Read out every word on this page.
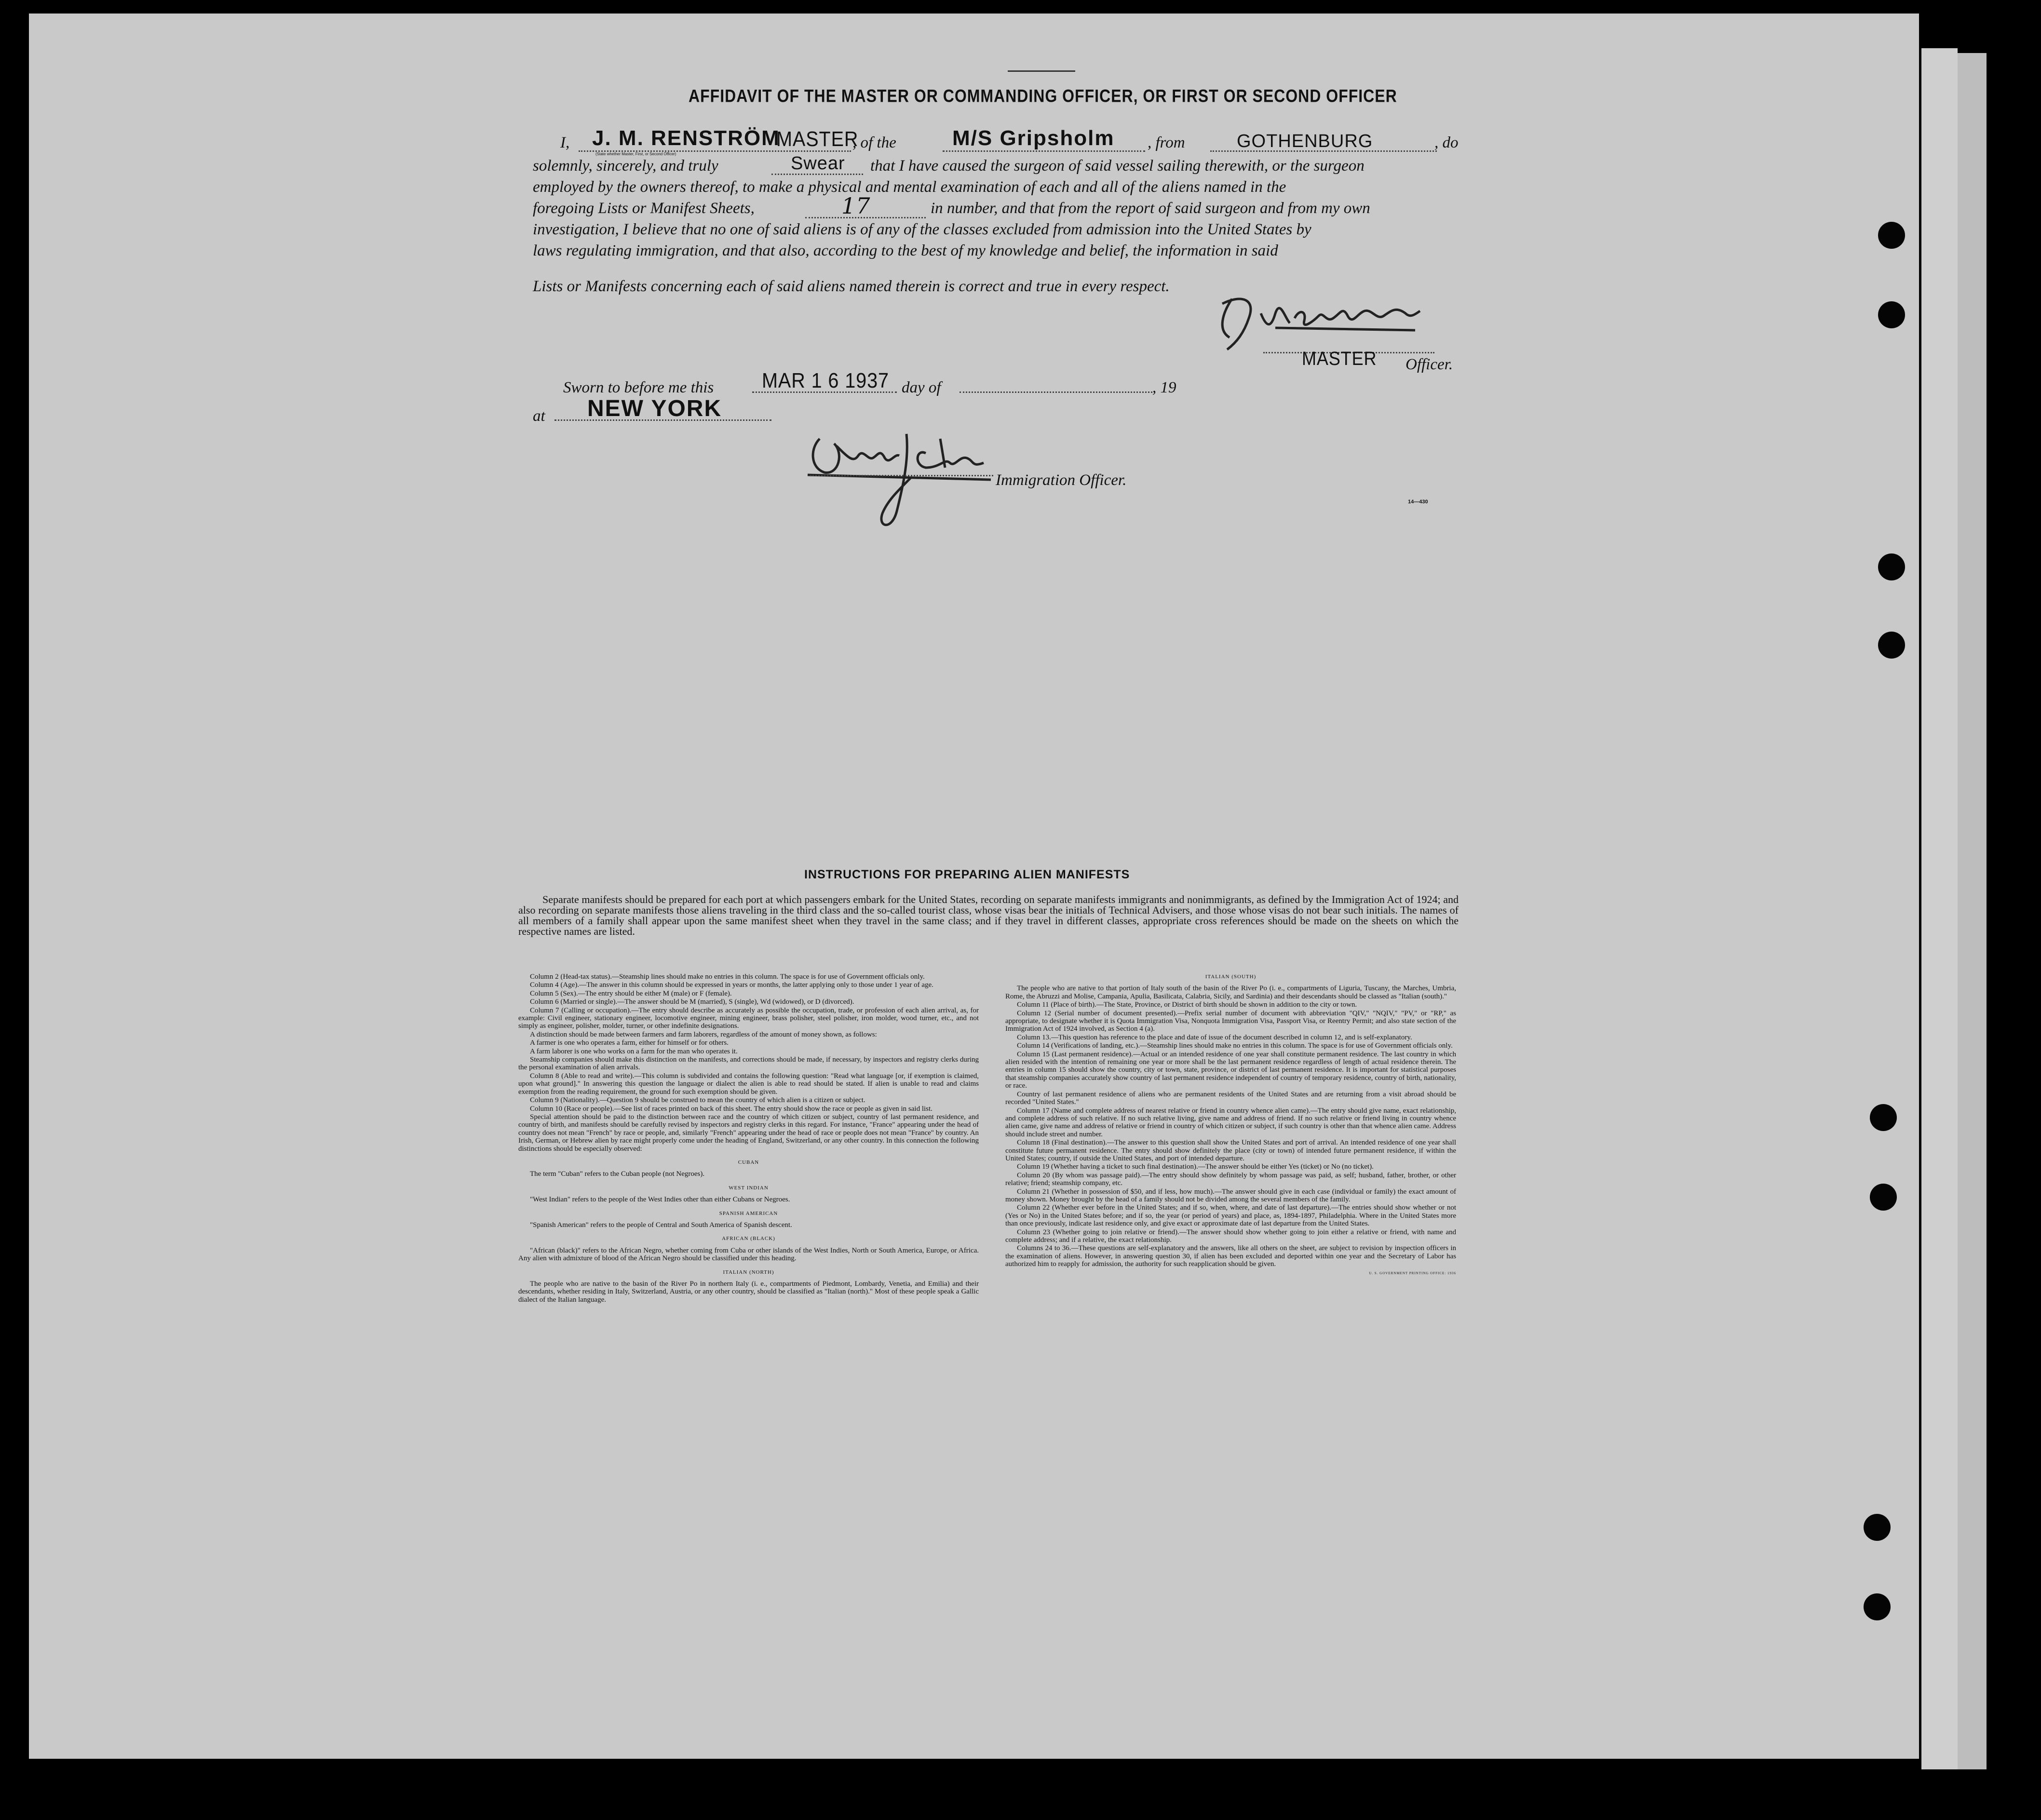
AFFIDAVIT OF THE MASTER OR COMMANDING OFFICER, OR FIRST OR SECOND OFFICER
I, J. M. RENSTRÖM
MASTER
(State whether Master, First, or Second Officer)
, of the	M/S Gripsholm , from	GOTHENBURG	, do
solemnly, sincerely, and truly	Swear that I have caused the surgeon of said vessel sailing therewith, or the surgeon
employed by the owners thereof, to make a physical and mental examination of each and all of the aliens named in the
foregoing Lists or Manifest Sheets,	17	in number, and that from the report of said surgeon and from my own
investigation, I believe that no one of said aliens is of any of the classes excluded from admission into the United States by
laws regulating immigration, and that also, according to the best of my knowledge and belief, the information in said
Lists or Manifests concerning each of said aliens named therein is correct and true in every respect.
MASTER Officer.
Sworn to before me this MAR 1 6 1937 day of	, 19
at NEW YORK
Immigration Officer.
14—430
INSTRUCTIONS FOR PREPARING ALIEN MANIFESTS
Separate manifests should be prepared for each port at which passengers embark for the United States, recording on separate manifests immigrants and nonimmigrants, as defined by the Immigration Act of 1924; and also recording on separate manifests those aliens traveling in the third class and the so-called tourist class, whose visas bear the initials of Technical Advisers, and those whose visas do not bear such initials. The names of all members of a family shall appear upon the same manifest sheet when they travel in the same class; and if they travel in different classes, appropriate cross references should be made on the sheets on which the respective names are listed.

Column 2 (Head-tax status).—Steamship lines should make no entries in this column. The space is for use of Government officials only.

Column 4 (Age).—The answer in this column should be expressed in years or months, the latter applying only to those under 1 year of age.

Column 5 (Sex).—The entry should be either M (male) or F (female).

Column 6 (Married or single).—The answer should be M (married), S (single), Wd (widowed), or D (divorced).

Column 7 (Calling or occupation).—The entry should describe as accurately as possible the occupation, trade, or profession of each alien arrival, as, for example: Civil engineer, stationary engineer, locomotive engineer, mining engineer, brass polisher, steel polisher, iron molder, wood turner, etc., and not simply as engineer, polisher, molder, turner, or other indefinite designations.

A distinction should be made between farmers and farm laborers, regardless of the amount of money shown, as follows:

A farmer is one who operates a farm, either for himself or for others.

A farm laborer is one who works on a farm for the man who operates it.

Steamship companies should make this distinction on the manifests, and corrections should be made, if necessary, by inspectors and registry clerks during the personal examination of alien arrivals.

Column 8 (Able to read and write).—This column is subdivided and contains the following question: "Read what language [or, if exemption is claimed, upon what ground]." In answering this question the language or dialect the alien is able to read should be stated. If alien is unable to read and claims exemption from the reading requirement, the ground for such exemption should be given.

Column 9 (Nationality).—Question 9 should be construed to mean the country of which alien is a citizen or subject.

Column 10 (Race or people).—See list of races printed on back of this sheet. The entry should show the race or people as given in said list.

Special attention should be paid to the distinction between race and the country of which citizen or subject, country of last permanent residence, and country of birth, and manifests should be carefully revised by inspectors and registry clerks in this regard. For instance, "France" appearing under the head of country does not mean "French" by race or people, and, similarly "French" appearing under the head of race or people does not mean "France" by country. An Irish, German, or Hebrew alien by race might properly come under the heading of England, Switzerland, or any other country. In this connection the following distinctions should be especially observed:

CUBAN

The term "Cuban" refers to the Cuban people (not Negroes).

WEST INDIAN

"West Indian" refers to the people of the West Indies other than either Cubans or Negroes.

SPANISH AMERICAN

"Spanish American" refers to the people of Central and South America of Spanish descent.

AFRICAN (BLACK)

"African (black)" refers to the African Negro, whether coming from Cuba or other islands of the West Indies, North or South America, Europe, or Africa. Any alien with admixture of blood of the African Negro should be classified under this heading.

ITALIAN (NORTH)

The people who are native to the basin of the River Po in northern Italy (i. e., compartments of Piedmont, Lombardy, Venetia, and Emilia) and their descendants, whether residing in Italy, Switzerland, Austria, or any other country, should be classified as "Italian (north)." Most of these people speak a Gallic dialect of the Italian language.

ITALIAN (SOUTH)

The people who are native to that portion of Italy south of the basin of the River Po (i. e., compartments of Liguria, Tuscany, the Marches, Umbria, Rome, the Abruzzi and Molise, Campania, Apulia, Basilicata, Calabria, Sicily, and Sardinia) and their descendants should be classed as "Italian (south)."

Column 11 (Place of birth).—The State, Province, or District of birth should be shown in addition to the city or town.

Column 12 (Serial number of document presented).—Prefix serial number of document with abbreviation "QIV," "NQIV," "PV," or "RP," as appropriate, to designate whether it is Quota Immigration Visa, Nonquota Immigration Visa, Passport Visa, or Reentry Permit; and also state section of the Immigration Act of 1924 involved, as Section 4 (a).

Column 13.—This question has reference to the place and date of issue of the document described in column 12, and is self-explanatory.

Column 14 (Verifications of landing, etc.).—Steamship lines should make no entries in this column. The space is for use of Government officials only.

Column 15 (Last permanent residence).—Actual or an intended residence of one year shall constitute permanent residence. The last country in which alien resided with the intention of remaining one year or more shall be the last permanent residence regardless of length of actual residence therein. The entries in column 15 should show the country, city or town, state, province, or district of last permanent residence. It is important for statistical purposes that steamship companies accurately show country of last permanent residence independent of country of temporary residence, country of birth, nationality, or race.

Country of last permanent residence of aliens who are permanent residents of the United States and are returning from a visit abroad should be recorded "United States."

Column 17 (Name and complete address of nearest relative or friend in country whence alien came).—The entry should give name, exact relationship, and complete address of such relative. If no such relative living, give name and address of friend. If no such relative or friend living in country whence alien came, give name and address of relative or friend in country of which citizen or subject, if such country is other than that whence alien came. Address should include street and number.

Column 18 (Final destination).—The answer to this question shall show the United States and port of arrival. An intended residence of one year shall constitute future permanent residence. The entry should show definitely the place (city or town) of intended future permanent residence, if within the United States; country, if outside the United States, and port of intended departure.

Column 19 (Whether having a ticket to such final destination).—The answer should be either Yes (ticket) or No (no ticket).

Column 20 (By whom was passage paid).—The entry should show definitely by whom passage was paid, as self; husband, father, brother, or other relative; friend; steamship company, etc.

Column 21 (Whether in possession of $50, and if less, how much).—The answer should give in each case (individual or family) the exact amount of money shown. Money brought by the head of a family should not be divided among the several members of the family.

Column 22 (Whether ever before in the United States; and if so, when, where, and date of last departure).—The entries should show whether or not (Yes or No) in the United States before; and if so, the year (or period of years) and place, as, 1894-1897, Philadelphia. Where in the United States more than once previously, indicate last residence only, and give exact or approximate date of last departure from the United States.

Column 23 (Whether going to join relative or friend).—The answer should show whether going to join either a relative or friend, with name and complete address; and if a relative, the exact relationship.

Columns 24 to 36.—These questions are self-explanatory and the answers, like all others on the sheet, are subject to revision by inspection officers in the examination of aliens. However, in answering question 30, if alien has been excluded and deported within one year and the Secretary of Labor has authorized him to reapply for admission, the authority for such reapplication should be given.

U. S. GOVERNMENT PRINTING OFFICE: 1936
